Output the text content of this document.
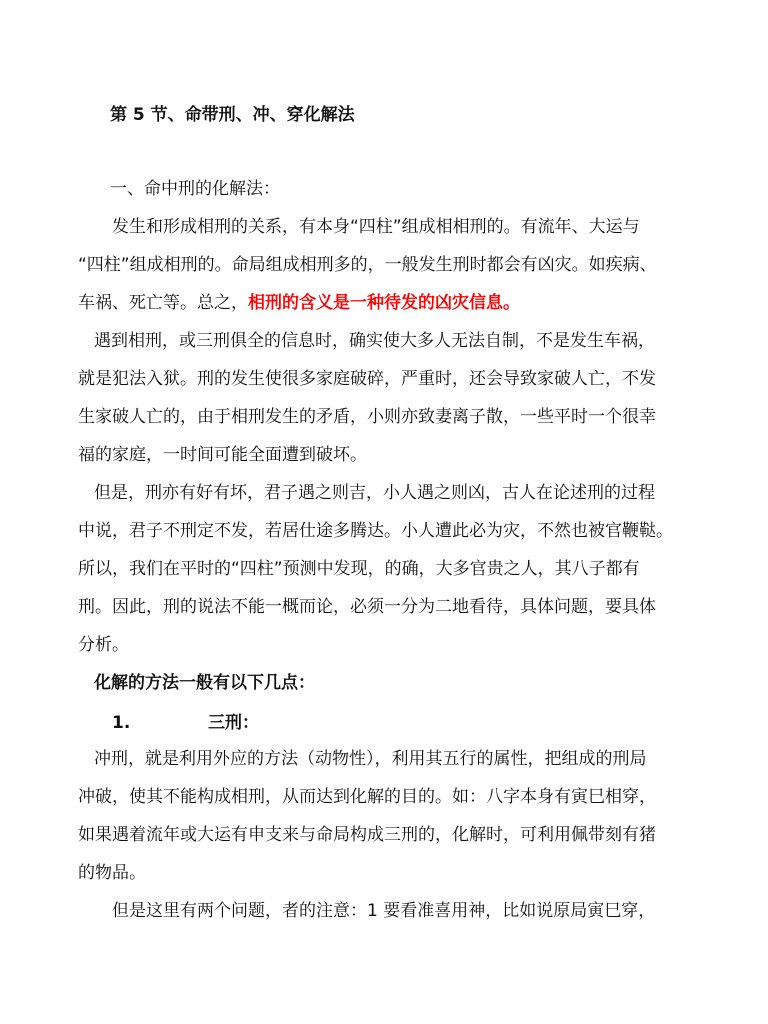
第 5 节、命带刑、冲、穿化解法
一、命中刑的化解法：
发生和形成相刑的关系，有本身“四柱”组成相相刑的。有流年、大运与
“四柱”组成相刑的。命局组成相刑多的，一般发生刑时都会有凶灾。如疾病、
车祸、死亡等。总之，相刑的含义是一种待发的凶灾信息。
遇到相刑，或三刑俱全的信息时，确实使大多人无法自制，不是发生车祸，
就是犯法入狱。刑的发生使很多家庭破碎，严重时，还会导致家破人亡，不发
生家破人亡的，由于相刑发生的矛盾，小则亦致妻离子散，一些平时一个很幸
福的家庭，一时间可能全面遭到破坏。
但是，刑亦有好有坏，君子遇之则吉，小人遇之则凶，古人在论述刑的过程
中说，君子不刑定不发，若居仕途多腾达。小人遭此必为灾，不然也被官鞭鞑。
所以，我们在平时的“四柱”预测中发现，的确，大多官贵之人，其八子都有
刑。因此，刑的说法不能一概而论，必须一分为二地看待，具体问题，要具体
分析。
化解的方法一般有以下几点：
1.	三刑：
冲刑，就是利用外应的方法（动物性），利用其五行的属性，把组成的刑局
冲破，使其不能构成相刑，从而达到化解的目的。如：八字本身有寅巳相穿，
如果遇着流年或大运有申支来与命局构成三刑的，化解时，可利用佩带刻有猪
的物品。
但是这里有两个问题，者的注意：1 要看准喜用神，比如说原局寅巳穿，
